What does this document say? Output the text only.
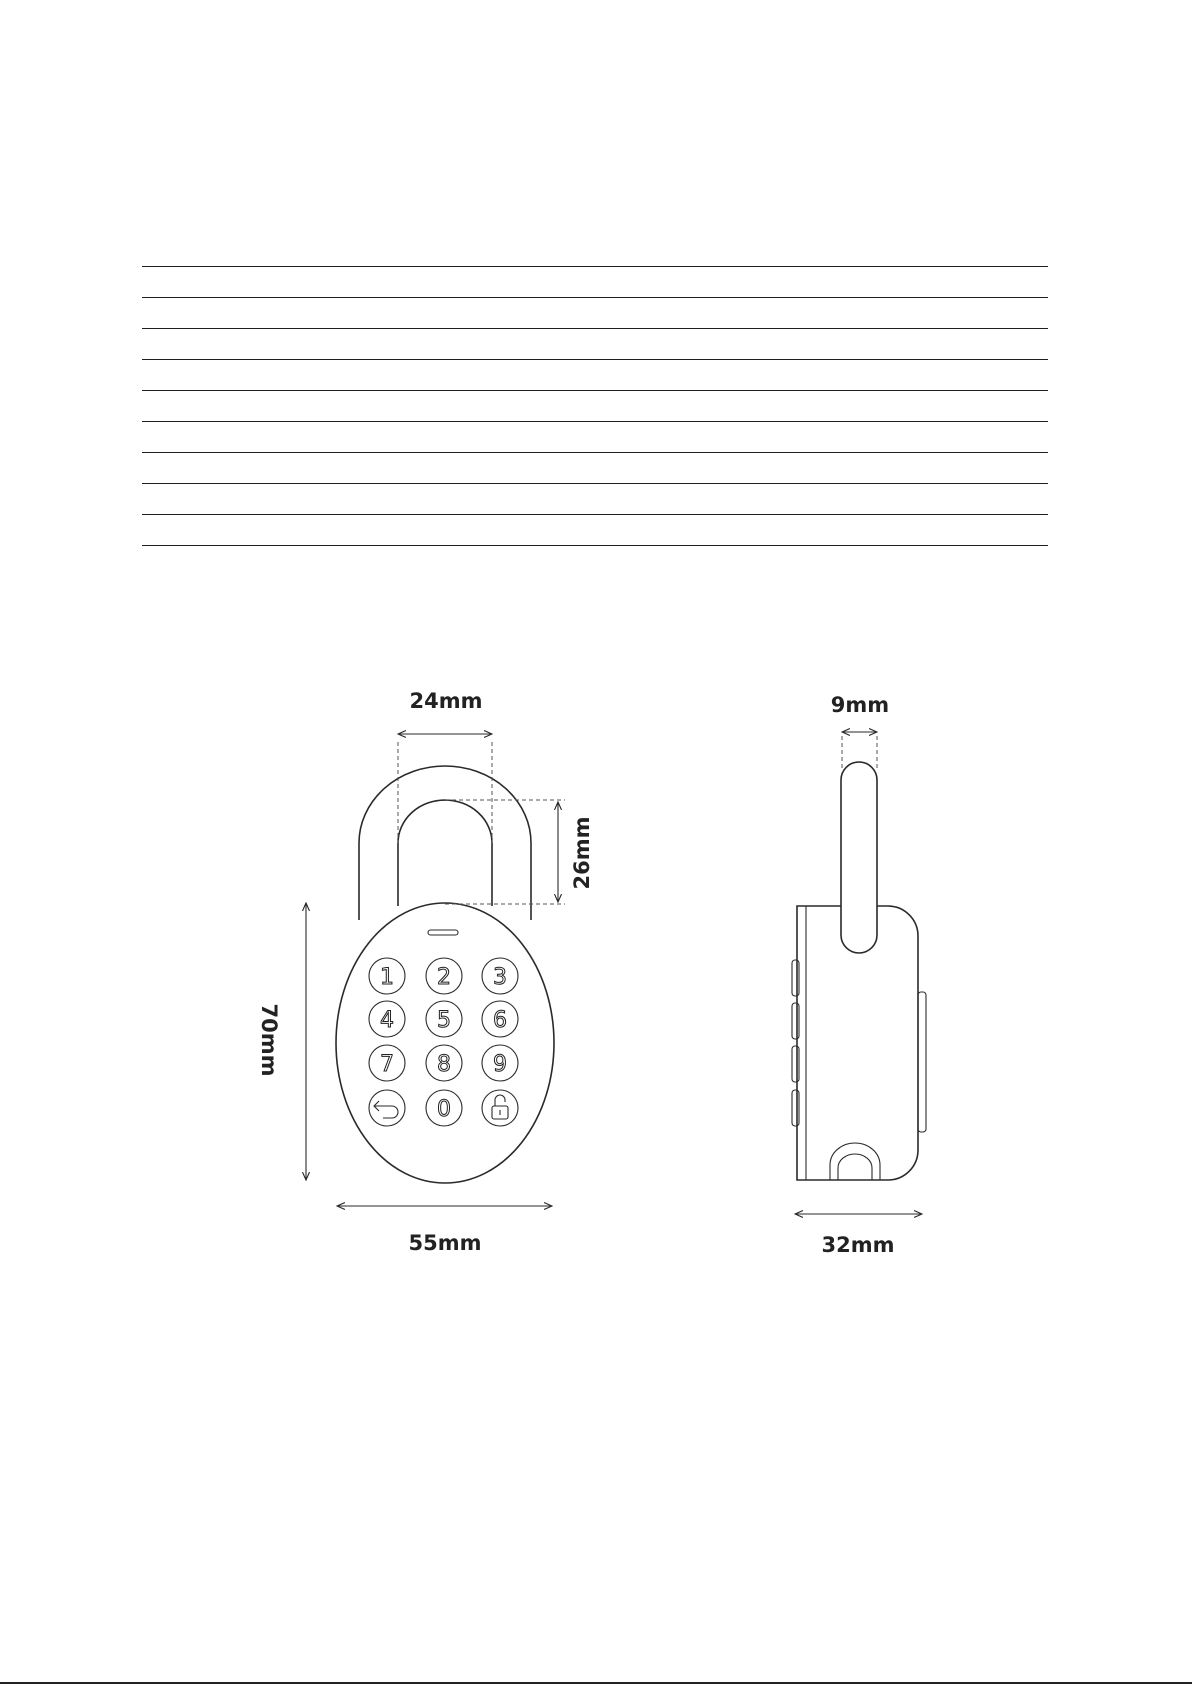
1 2 3
4 5 6
7 8 9
0
24mm
26mm
70mm
55mm
9mm
32mm
